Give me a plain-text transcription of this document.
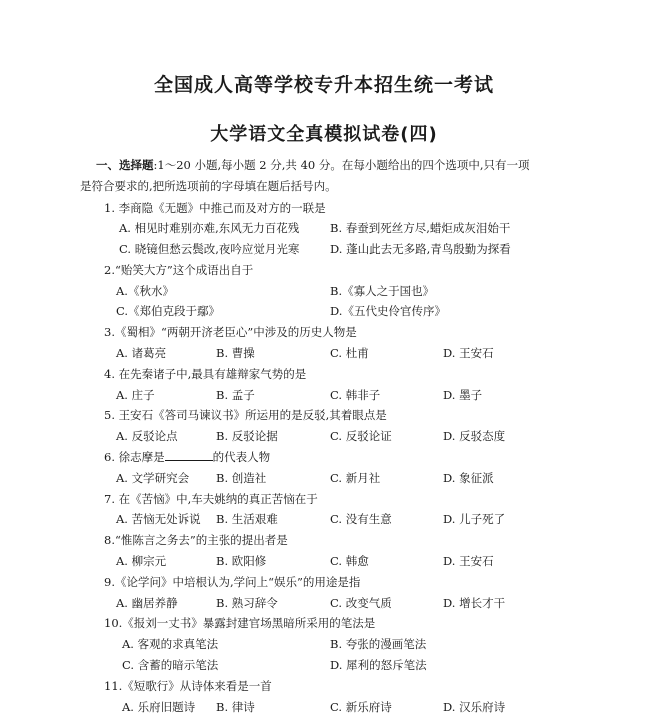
全国成人高等学校专升本招生统一考试
大学语文全真模拟试卷(四)
一、选择题:1～20 小题,每小题 2 分,共 40 分。在每小题给出的四个选项中,只有一项
是符合要求的,把所选项前的字母填在题后括号内。
1. 李商隐《无题》中推己而及对方的一联是
A. 相见时难别亦难,东风无力百花残	B. 春蚕到死丝方尽,蜡炬成灰泪始干
C. 晓镜但愁云鬓改,夜吟应觉月光寒	D. 蓬山此去无多路,青鸟殷勤为探看
2.“贻笑大方”这个成语出自于
A.《秋水》	B.《寡人之于国也》
C.《郑伯克段于鄢》	D.《五代史伶官传序》
3.《蜀相》“两朝开济老臣心”中涉及的历史人物是
A. 诸葛亮	B. 曹操	C. 杜甫	D. 王安石
4. 在先秦诸子中,最具有雄辩家气势的是
A. 庄子	B. 孟子	C. 韩非子	D. 墨子
5. 王安石《答司马谏议书》所运用的是反驳,其着眼点是
A. 反驳论点	B. 反驳论据	C. 反驳论证	D. 反驳态度
6. 徐志摩是	的代表人物
A. 文学研究会 B. 创造社	C. 新月社	D. 象征派
7. 在《苦恼》中,车夫姚纳的真正苦恼在于
A. 苦恼无处诉说 B. 生活艰难	C. 没有生意	D. 儿子死了
8.“惟陈言之务去”的主张的提出者是
A. 柳宗元	B. 欧阳修	C. 韩愈	D. 王安石
9.《论学问》中培根认为,学问上“娱乐”的用途是指
A. 幽居养静	B. 熟习辞令	C. 改变气质	D. 增长才干
10.《报刘一丈书》暴露封建官场黑暗所采用的笔法是
A. 客观的求真笔法	B. 夸张的漫画笔法
C. 含蓄的暗示笔法	D. 犀利的怒斥笔法
11.《短歌行》从诗体来看是一首
A. 乐府旧题诗 B. 律诗	C. 新乐府诗	D. 汉乐府诗
